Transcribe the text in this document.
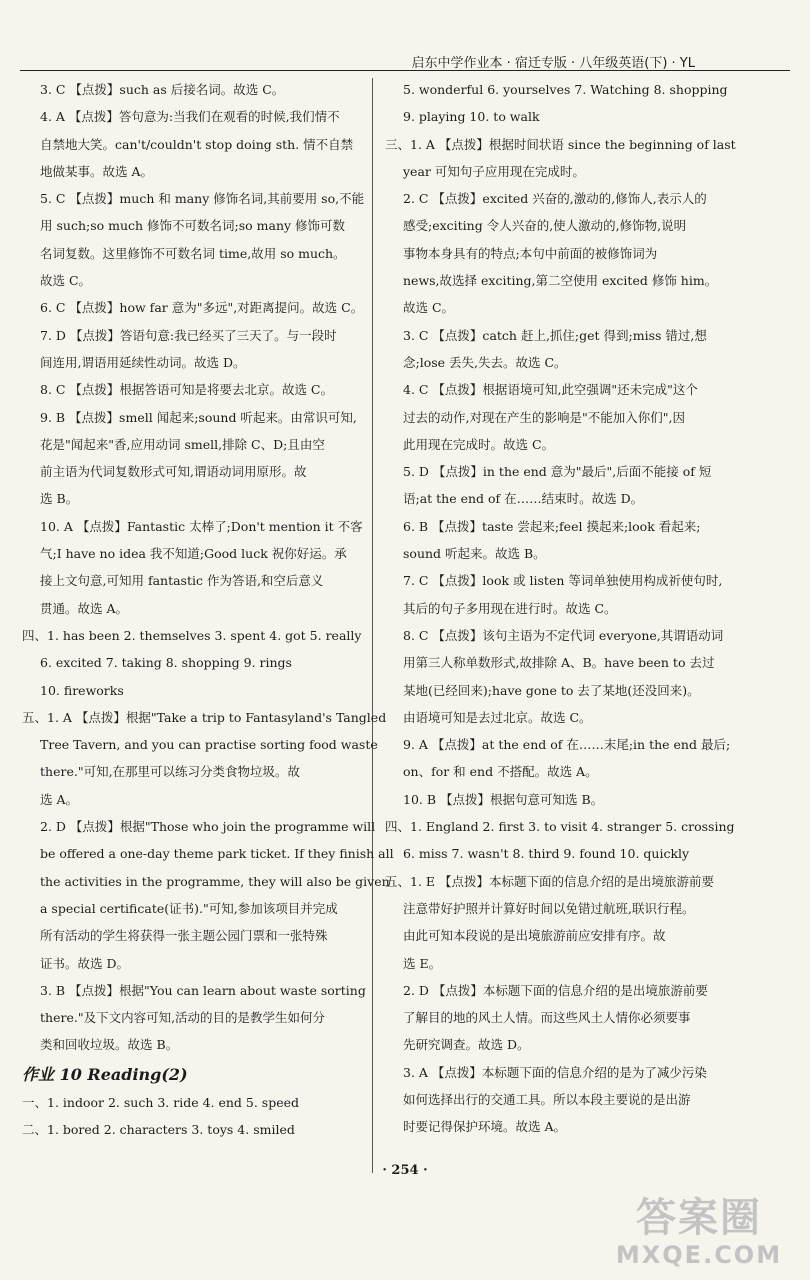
启东中学作业本 · 宿迁专版 · 八年级英语(下) · YL
3. C 【点拨】such as 后接名词。故选 C。
4. A 【点拨】答句意为:当我们在观看的时候,我们情不
自禁地大笑。can't/couldn't stop doing sth. 情不自禁
地做某事。故选 A。
5. C 【点拨】much 和 many 修饰名词,其前要用 so,不能
用 such;so much 修饰不可数名词;so many 修饰可数
名词复数。这里修饰不可数名词 time,故用 so much。
故选 C。
6. C 【点拨】how far 意为"多远",对距离提问。故选 C。
7. D 【点拨】答语句意:我已经买了三天了。与一段时
间连用,谓语用延续性动词。故选 D。
8. C 【点拨】根据答语可知是将要去北京。故选 C。
9. B 【点拨】smell 闻起来;sound 听起来。由常识可知,
花是"闻起来"香,应用动词 smell,排除 C、D;且由空
前主语为代词复数形式可知,谓语动词用原形。故
选 B。
10. A 【点拨】Fantastic 太棒了;Don't mention it 不客
气;I have no idea 我不知道;Good luck 祝你好运。承
接上文句意,可知用 fantastic 作为答语,和空后意义
贯通。故选 A。
四、1. has been 2. themselves 3. spent 4. got 5. really
6. excited 7. taking 8. shopping 9. rings
10. fireworks
五、1. A 【点拨】根据"Take a trip to Fantasyland's Tangled
Tree Tavern, and you can practise sorting food waste
there."可知,在那里可以练习分类食物垃圾。故
选 A。
2. D 【点拨】根据"Those who join the programme will
be offered a one-day theme park ticket. If they finish all
the activities in the programme, they will also be given
a special certificate(证书)."可知,参加该项目并完成
所有活动的学生将获得一张主题公园门票和一张特殊
证书。故选 D。
3. B 【点拨】根据"You can learn about waste sorting
there."及下文内容可知,活动的目的是教学生如何分
类和回收垃圾。故选 B。
作业 10 Reading(2)
一、1. indoor 2. such 3. ride 4. end 5. speed
二、1. bored 2. characters 3. toys 4. smiled
5. wonderful 6. yourselves 7. Watching 8. shopping
9. playing 10. to walk
三、1. A 【点拨】根据时间状语 since the beginning of last
year 可知句子应用现在完成时。
2. C 【点拨】excited 兴奋的,激动的,修饰人,表示人的
感受;exciting 令人兴奋的,使人激动的,修饰物,说明
事物本身具有的特点;本句中前面的被修饰词为
news,故选择 exciting,第二空使用 excited 修饰 him。
故选 C。
3. C 【点拨】catch 赶上,抓住;get 得到;miss 错过,想
念;lose 丢失,失去。故选 C。
4. C 【点拨】根据语境可知,此空强调"还未完成"这个
过去的动作,对现在产生的影响是"不能加入你们",因
此用现在完成时。故选 C。
5. D 【点拨】in the end 意为"最后",后面不能接 of 短
语;at the end of 在……结束时。故选 D。
6. B 【点拨】taste 尝起来;feel 摸起来;look 看起来;
sound 听起来。故选 B。
7. C 【点拨】look 或 listen 等词单独使用构成祈使句时,
其后的句子多用现在进行时。故选 C。
8. C 【点拨】该句主语为不定代词 everyone,其谓语动词
用第三人称单数形式,故排除 A、B。have been to 去过
某地(已经回来);have gone to 去了某地(还没回来)。
由语境可知是去过北京。故选 C。
9. A 【点拨】at the end of 在……末尾;in the end 最后;
on、for 和 end 不搭配。故选 A。
10. B 【点拨】根据句意可知选 B。
四、1. England 2. first 3. to visit 4. stranger 5. crossing
6. miss 7. wasn't 8. third 9. found 10. quickly
五、1. E 【点拨】本标题下面的信息介绍的是出境旅游前要
注意带好护照并计算好时间以免错过航班,联识行程。
由此可知本段说的是出境旅游前应安排有序。故
选 E。
2. D 【点拨】本标题下面的信息介绍的是出境旅游前要
了解目的地的风土人情。而这些风土人情你必须要事
先研究调查。故选 D。
3. A 【点拨】本标题下面的信息介绍的是为了减少污染
如何选择出行的交通工具。所以本段主要说的是出游
时要记得保护环境。故选 A。
· 254 ·
答案圈
MXQE.COM
